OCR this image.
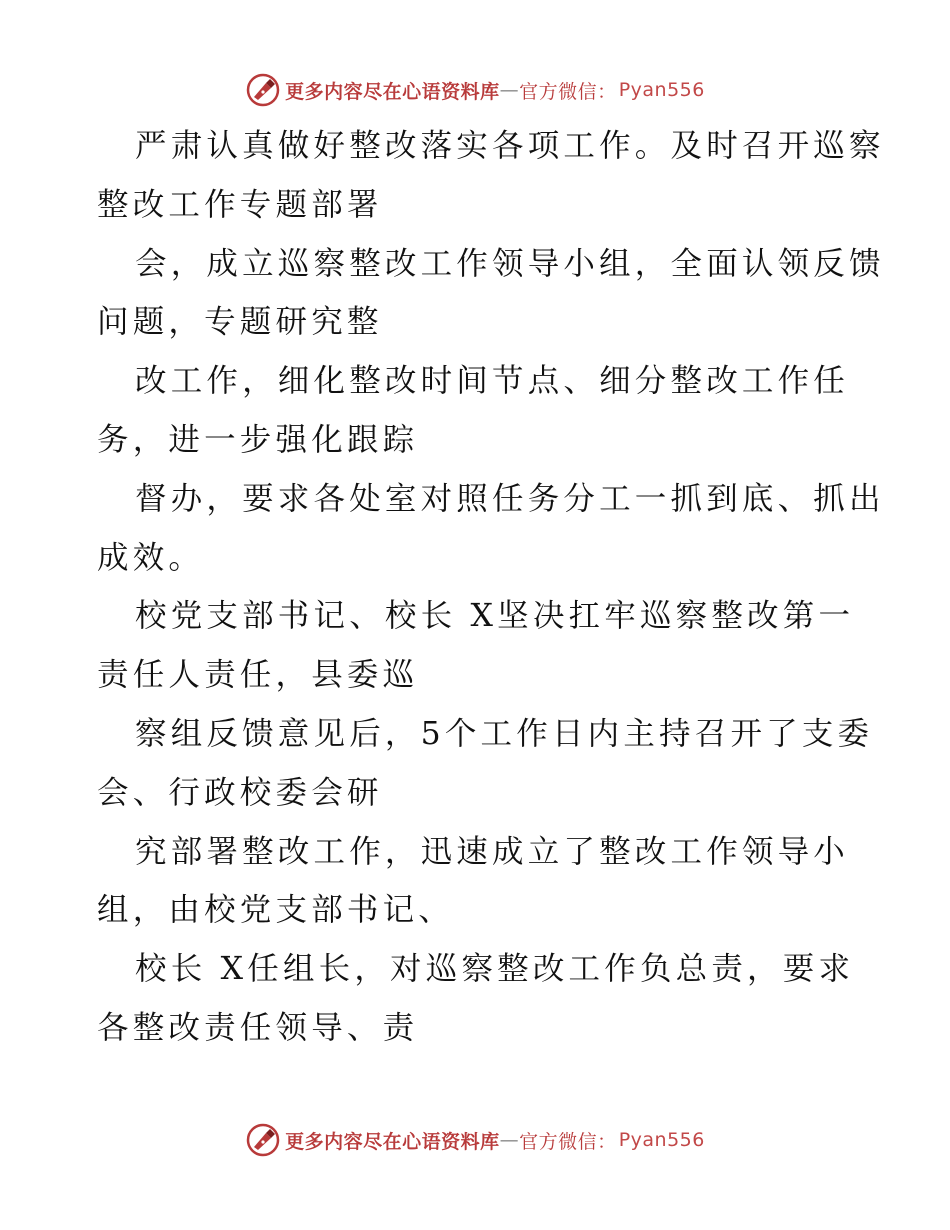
更多内容尽在心语资料库 — 官方微信： Pyan556
严肃认真做好整改落实各项工作。及时召开巡察
整改工作专题部署
会，成立巡察整改工作领导小组，全面认领反馈
问题，专题研究整
改工作，细化整改时间节点、细分整改工作任
务，进一步强化跟踪
督办，要求各处室对照任务分工一抓到底、抓出
成效。
校党支部书记、校长 X坚决扛牢巡察整改第一
责任人责任，县委巡
察组反馈意见后，5个工作日内主持召开了支委
会、行政校委会研
究部署整改工作，迅速成立了整改工作领导小
组，由校党支部书记、
校长 X任组长，对巡察整改工作负总责，要求
各整改责任领导、责
更多内容尽在心语资料库 — 官方微信： Pyan556
